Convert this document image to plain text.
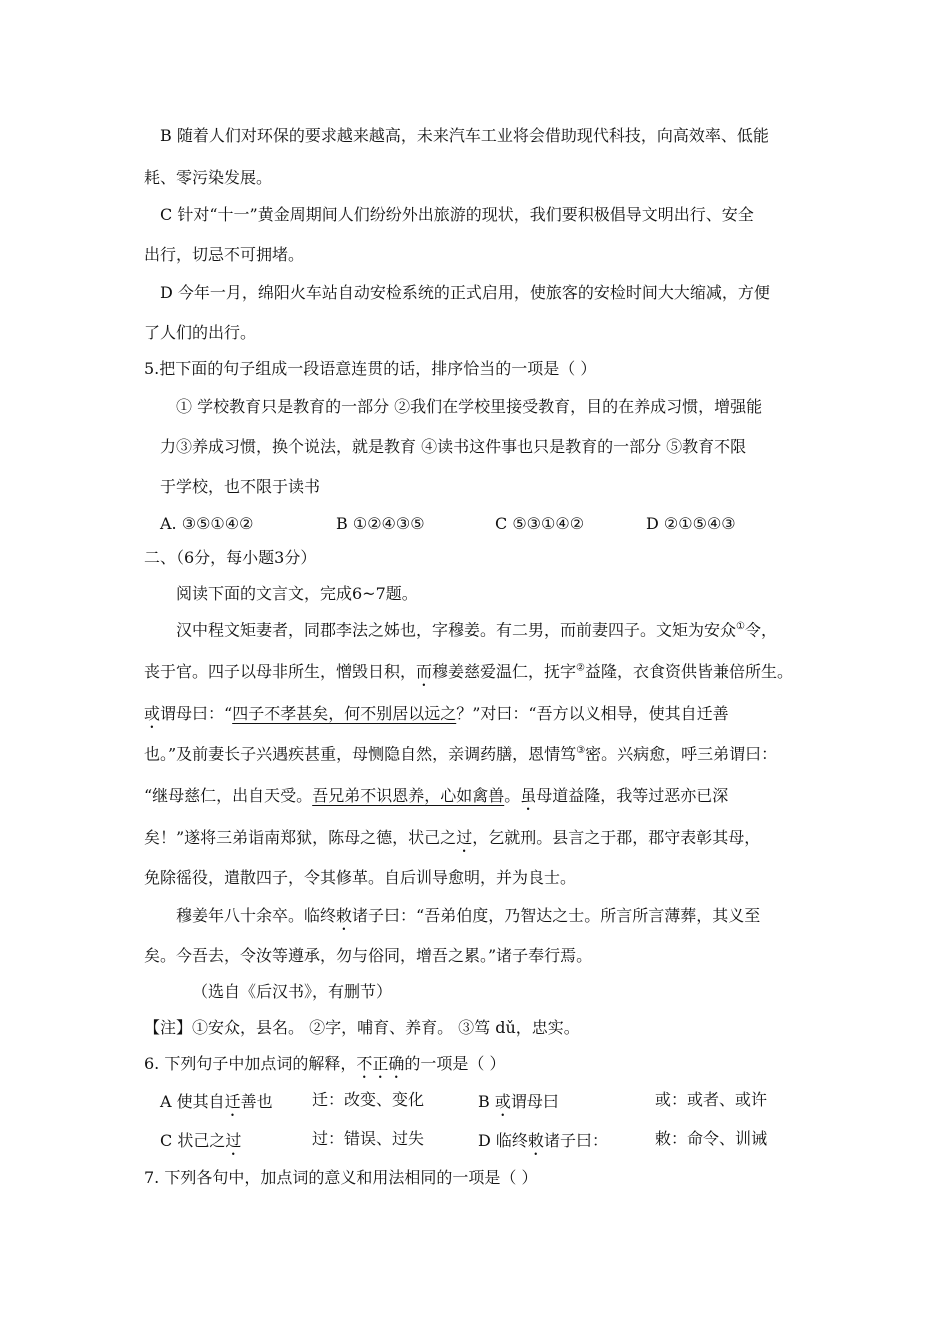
B 随着人们对环保的要求越来越高，未来汽车工业将会借助现代科技，向高效率、低能
耗、零污染发展。
C 针对“十一”黄金周期间人们纷纷外出旅游的现状，我们要积极倡导文明出行、安全
出行，切忌不可拥堵。
D 今年一月，绵阳火车站自动安检系统的正式启用，使旅客的安检时间大大缩减，方便
了人们的出行。
5.把下面的句子组成一段语意连贯的话，排序恰当的一项是（ ）
① 学校教育只是教育的一部分 ②我们在学校里接受教育，目的在养成习惯，增强能
力③养成习惯，换个说法，就是教育 ④读书这件事也只是教育的一部分 ⑤教育不限
于学校，也不限于读书
A. ③⑤①④②	B ①②④③⑤	C ⑤③①④②	D ②①⑤④③
二、（6分，每小题3分）
阅读下面的文言文，完成6~7题。
汉中程文矩妻者，同郡李法之姊也，字穆姜。有二男，而前妻四子。文矩为安众①令，
丧于官。四子以母非所生，憎毁日积，而穆姜慈爱温仁，抚字②益隆，衣食资供皆兼倍所生。
或谓母曰：“四子不孝甚矣，何不别居以远之？”对曰：“吾方以义相导，使其自迁善
也。”及前妻长子兴遇疾甚重，母恻隐自然，亲调药膳，恩情笃③密。兴病愈，呼三弟谓曰：
“继母慈仁，出自天受。吾兄弟不识恩养，心如禽兽。虽母道益隆，我等过恶亦已深
矣！”遂将三弟诣南郑狱，陈母之德，状己之过，乞就刑。县言之于郡，郡守表彰其母，
免除徭役，遣散四子，令其修革。自后训导愈明，并为良士。
穆姜年八十余卒。临终敕诸子曰：“吾弟伯度，乃智达之士。所言所言薄葬，其义至
矣。今吾去，令汝等遵承，勿与俗同，增吾之累。”诸子奉行焉。
（选自《后汉书》，有删节）
【注】①安众，县名。 ②字，哺育、养育。 ③笃 dǔ，忠实。
6. 下列句子中加点词的解释，不正确的一项是（ ）
A 使其自迁善也 迁：改变、变化	B 或谓母曰	或：或者、或许
C 状己之过	过：错误、过失	D 临终敕诸子曰：	敕：命令、训诫
7. 下列各句中，加点词的意义和用法相同的一项是（ ）
